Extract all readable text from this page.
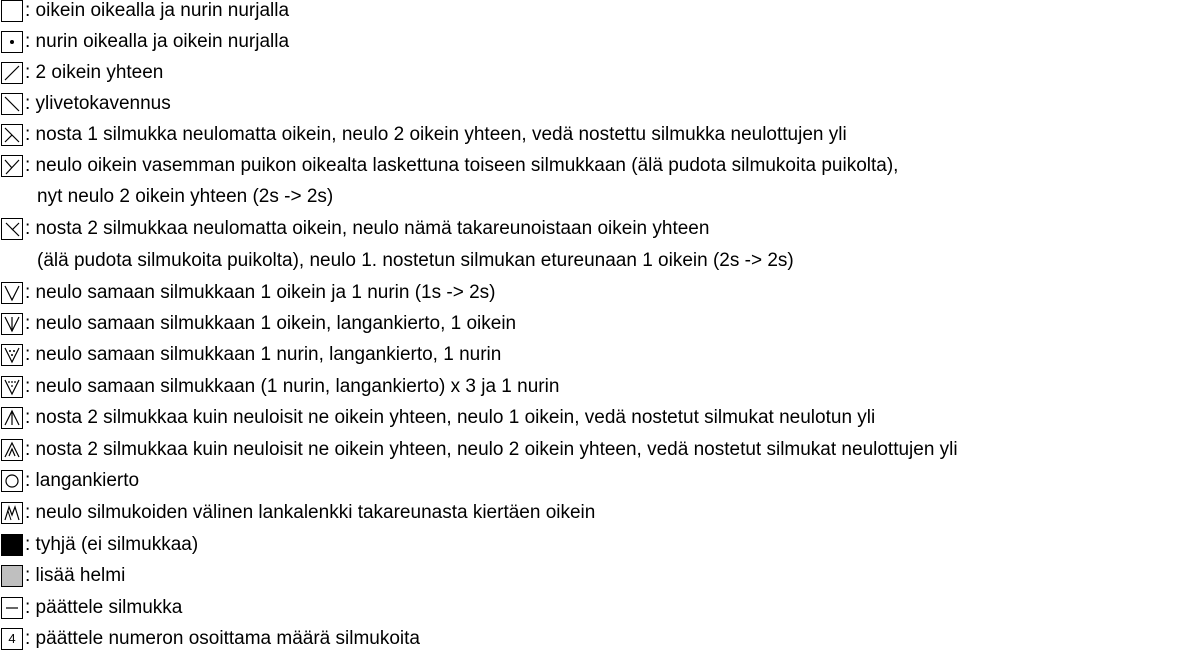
: oikein oikealla ja nurin nurjalla
: nurin oikealla ja oikein nurjalla
: 2 oikein yhteen
: ylivetokavennus
: nosta 1 silmukka neulomatta oikein, neulo 2 oikein yhteen, vedä nostettu silmukka neulottujen yli
: neulo oikein vasemman puikon oikealta laskettuna toiseen silmukkaan (älä pudota silmukoita puikolta),
nyt neulo 2 oikein yhteen (2s -> 2s)
: nosta 2 silmukkaa neulomatta oikein, neulo nämä takareunoistaan oikein yhteen
(älä pudota silmukoita puikolta), neulo 1. nostetun silmukan etureunaan 1 oikein (2s -> 2s)
: neulo samaan silmukkaan 1 oikein ja 1 nurin (1s -> 2s)
: neulo samaan silmukkaan 1 oikein, langankierto, 1 oikein
: neulo samaan silmukkaan 1 nurin, langankierto, 1 nurin
: neulo samaan silmukkaan (1 nurin, langankierto) x 3 ja 1 nurin
: nosta 2 silmukkaa kuin neuloisit ne oikein yhteen, neulo 1 oikein, vedä nostetut silmukat neulotun yli
: nosta 2 silmukkaa kuin neuloisit ne oikein yhteen, neulo 2 oikein yhteen, vedä nostetut silmukat neulottujen yli
: langankierto
: neulo silmukoiden välinen lankalenkki takareunasta kiertäen oikein
: tyhjä (ei silmukkaa)
: lisää helmi
: päättele silmukka
4 : päättele numeron osoittama määrä silmukoita
